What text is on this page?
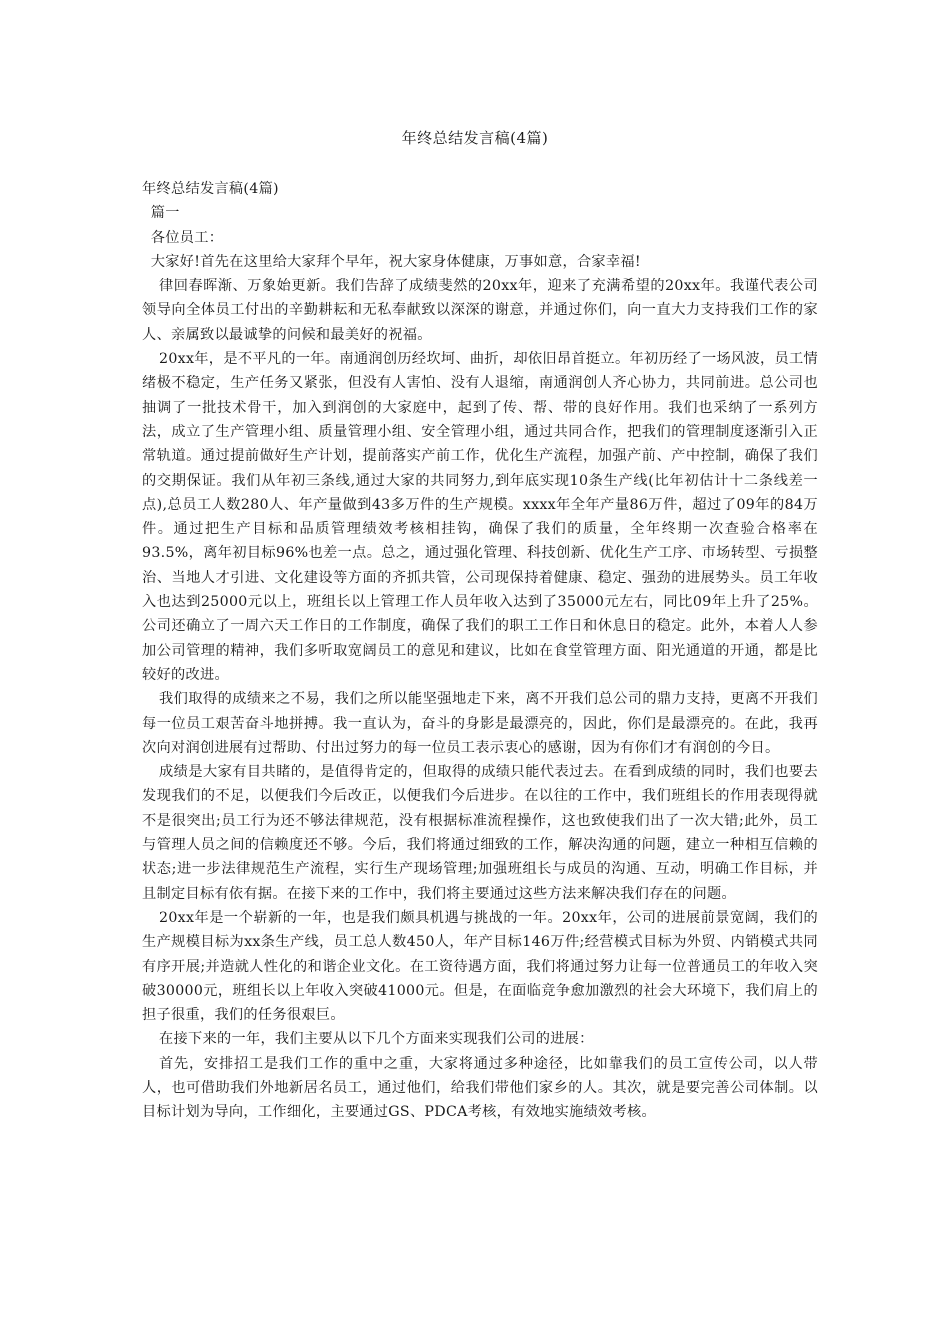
年终总结发言稿(4篇)

年终总结发言稿(4篇)

篇一

各位员工：

大家好!首先在这里给大家拜个早年，祝大家身体健康，万事如意，合家幸福!

律回春晖渐、万象始更新。我们告辞了成绩斐然的20xx年，迎来了充满希望的20xx年。我谨代表公司领导向全体员工付出的辛勤耕耘和无私奉献致以深深的谢意，并通过你们，向一直大力支持我们工作的家人、亲属致以最诚挚的问候和最美好的祝福。

20xx年，是不平凡的一年。南通润创历经坎坷、曲折，却依旧昂首挺立。年初历经了一场风波，员工情绪极不稳定，生产任务又紧张，但没有人害怕、没有人退缩，南通润创人齐心协力，共同前进。总公司也抽调了一批技术骨干，加入到润创的大家庭中，起到了传、帮、带的良好作用。我们也采纳了一系列方法，成立了生产管理小组、质量管理小组、安全管理小组，通过共同合作，把我们的管理制度逐渐引入正常轨道。通过提前做好生产计划，提前落实产前工作，优化生产流程，加强产前、产中控制，确保了我们的交期保证。我们从年初三条线,通过大家的共同努力,到年底实现10条生产线(比年初估计十二条线差一点),总员工人数280人、年产量做到43多万件的生产规模。xxxx年全年产量86万件，超过了09年的84万件。通过把生产目标和品质管理绩效考核相挂钩，确保了我们的质量，全年终期一次查验合格率在93.5%，离年初目标96%也差一点。总之，通过强化管理、科技创新、优化生产工序、市场转型、亏损整治、当地人才引进、文化建设等方面的齐抓共管，公司现保持着健康、稳定、强劲的进展势头。员工年收入也达到25000元以上，班组长以上管理工作人员年收入达到了35000元左右，同比09年上升了25%。公司还确立了一周六天工作日的工作制度，确保了我们的职工工作日和休息日的稳定。此外，本着人人参加公司管理的精神，我们多听取宽阔员工的意见和建议，比如在食堂管理方面、阳光通道的开通，都是比较好的改进。

我们取得的成绩来之不易，我们之所以能坚强地走下来，离不开我们总公司的鼎力支持，更离不开我们每一位员工艰苦奋斗地拼搏。我一直认为，奋斗的身影是最漂亮的，因此，你们是最漂亮的。在此，我再次向对润创进展有过帮助、付出过努力的每一位员工表示衷心的感谢，因为有你们才有润创的今日。

成绩是大家有目共睹的，是值得肯定的，但取得的成绩只能代表过去。在看到成绩的同时，我们也要去发现我们的不足，以便我们今后改正，以便我们今后进步。在以往的工作中，我们班组长的作用表现得就不是很突出;员工行为还不够法律规范，没有根据标准流程操作，这也致使我们出了一次大错;此外，员工与管理人员之间的信赖度还不够。今后，我们将通过细致的工作，解决沟通的问题，建立一种相互信赖的状态;进一步法律规范生产流程，实行生产现场管理;加强班组长与成员的沟通、互动，明确工作目标，并且制定目标有依有据。在接下来的工作中，我们将主要通过这些方法来解决我们存在的问题。

20xx年是一个崭新的一年，也是我们颇具机遇与挑战的一年。20xx年，公司的进展前景宽阔，我们的生产规模目标为xx条生产线，员工总人数450人，年产目标146万件;经营模式目标为外贸、内销模式共同有序开展;并造就人性化的和谐企业文化。在工资待遇方面，我们将通过努力让每一位普通员工的年收入突破30000元，班组长以上年收入突破41000元。但是，在面临竞争愈加激烈的社会大环境下，我们肩上的担子很重，我们的任务很艰巨。

在接下来的一年，我们主要从以下几个方面来实现我们公司的进展：

首先，安排招工是我们工作的重中之重，大家将通过多种途径，比如靠我们的员工宣传公司，以人带人，也可借助我们外地新居名员工，通过他们，给我们带他们家乡的人。其次，就是要完善公司体制。以目标计划为导向，工作细化，主要通过GS、PDCA考核，有效地实施绩效考核。
